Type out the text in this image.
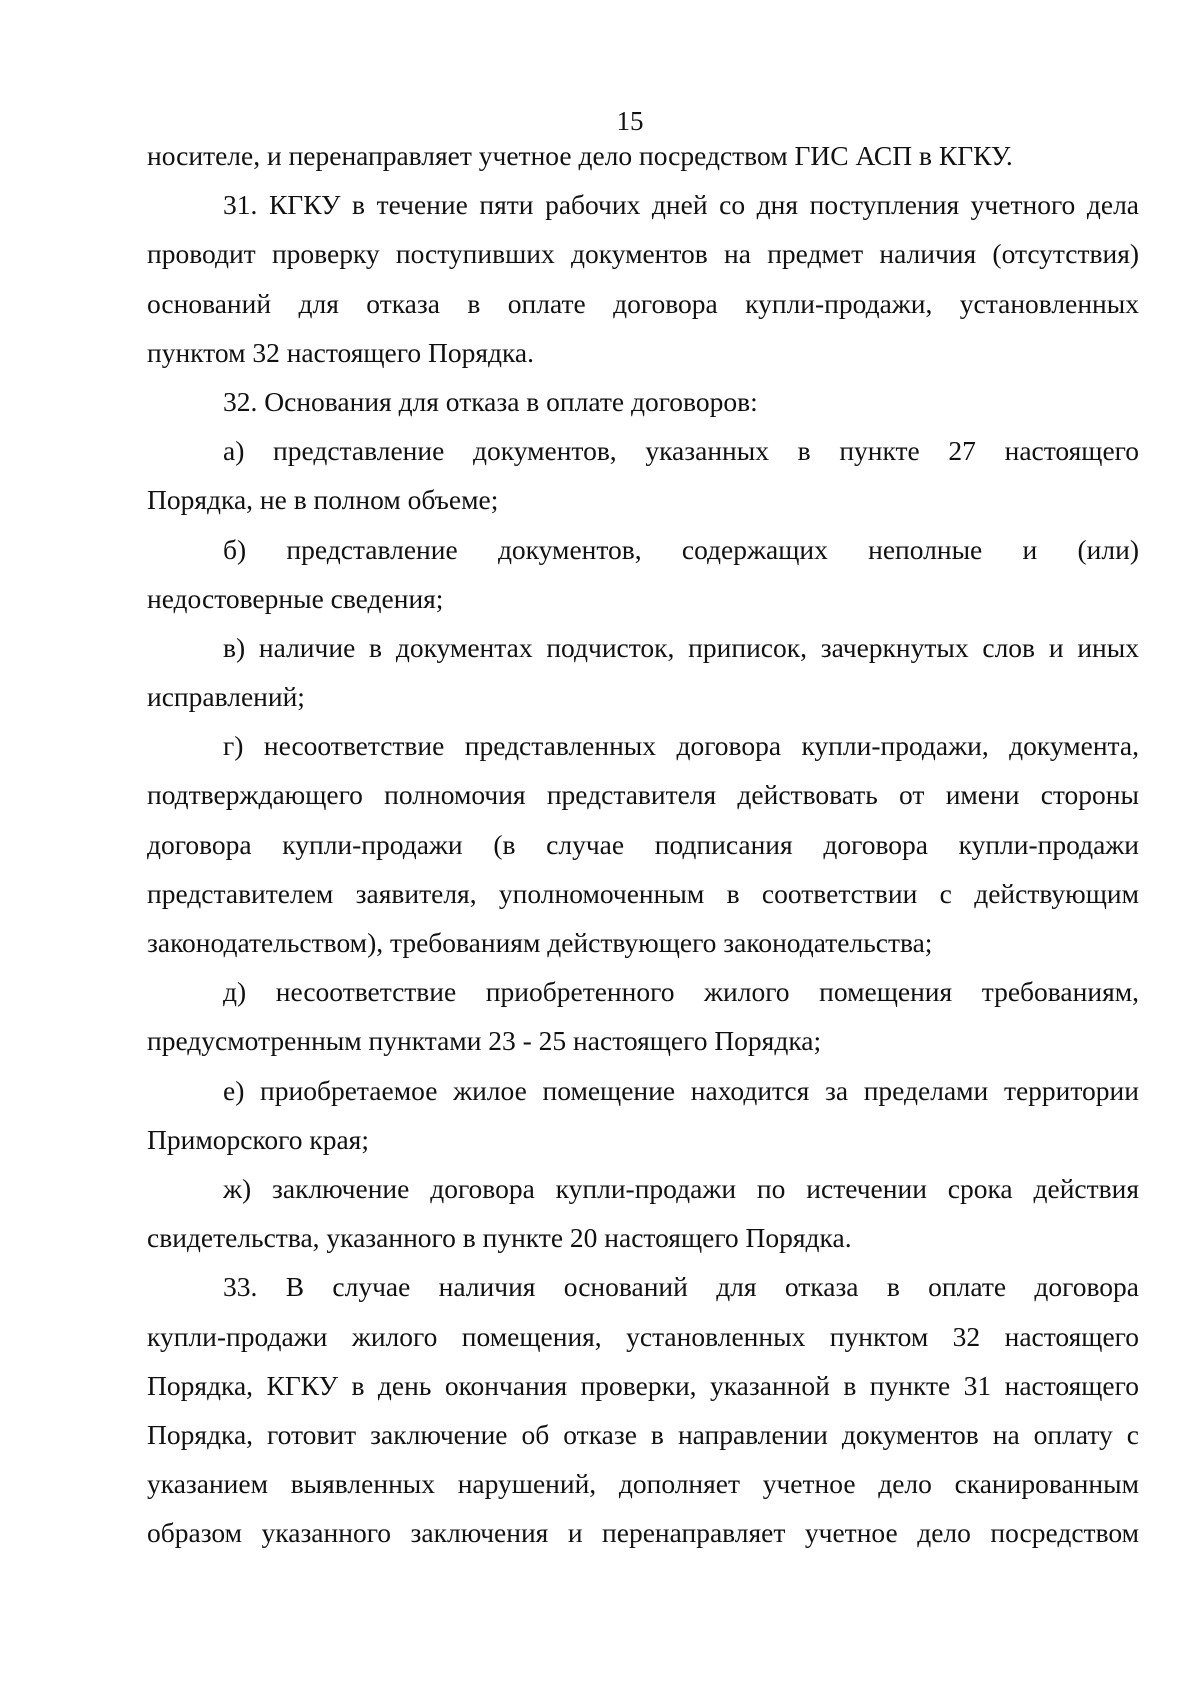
15
носителе, и перенаправляет учетное дело посредством ГИС АСП в КГКУ.
31. КГКУ в течение пяти рабочих дней со дня поступления учетного дела
проводит проверку поступивших документов на предмет наличия (отсутствия)
оснований для отказа в оплате договора купли-продажи, установленных
пунктом 32 настоящего Порядка.
32. Основания для отказа в оплате договоров:
а) представление документов, указанных в пункте 27 настоящего
Порядка, не в полном объеме;
б) представление документов, содержащих неполные и (или)
недостоверные сведения;
в) наличие в документах подчисток, приписок, зачеркнутых слов и иных
исправлений;
г) несоответствие представленных договора купли-продажи, документа,
подтверждающего полномочия представителя действовать от имени стороны
договора купли-продажи (в случае подписания договора купли-продажи
представителем заявителя, уполномоченным в соответствии с действующим
законодательством), требованиям действующего законодательства;
д) несоответствие приобретенного жилого помещения требованиям,
предусмотренным пунктами 23 - 25 настоящего Порядка;
е) приобретаемое жилое помещение находится за пределами территории
Приморского края;
ж) заключение договора купли-продажи по истечении срока действия
свидетельства, указанного в пункте 20 настоящего Порядка.
33. В случае наличия оснований для отказа в оплате договора
купли-продажи жилого помещения, установленных пунктом 32 настоящего
Порядка, КГКУ в день окончания проверки, указанной в пункте 31 настоящего
Порядка, готовит заключение об отказе в направлении документов на оплату с
указанием выявленных нарушений, дополняет учетное дело сканированным
образом указанного заключения и перенаправляет учетное дело посредством
